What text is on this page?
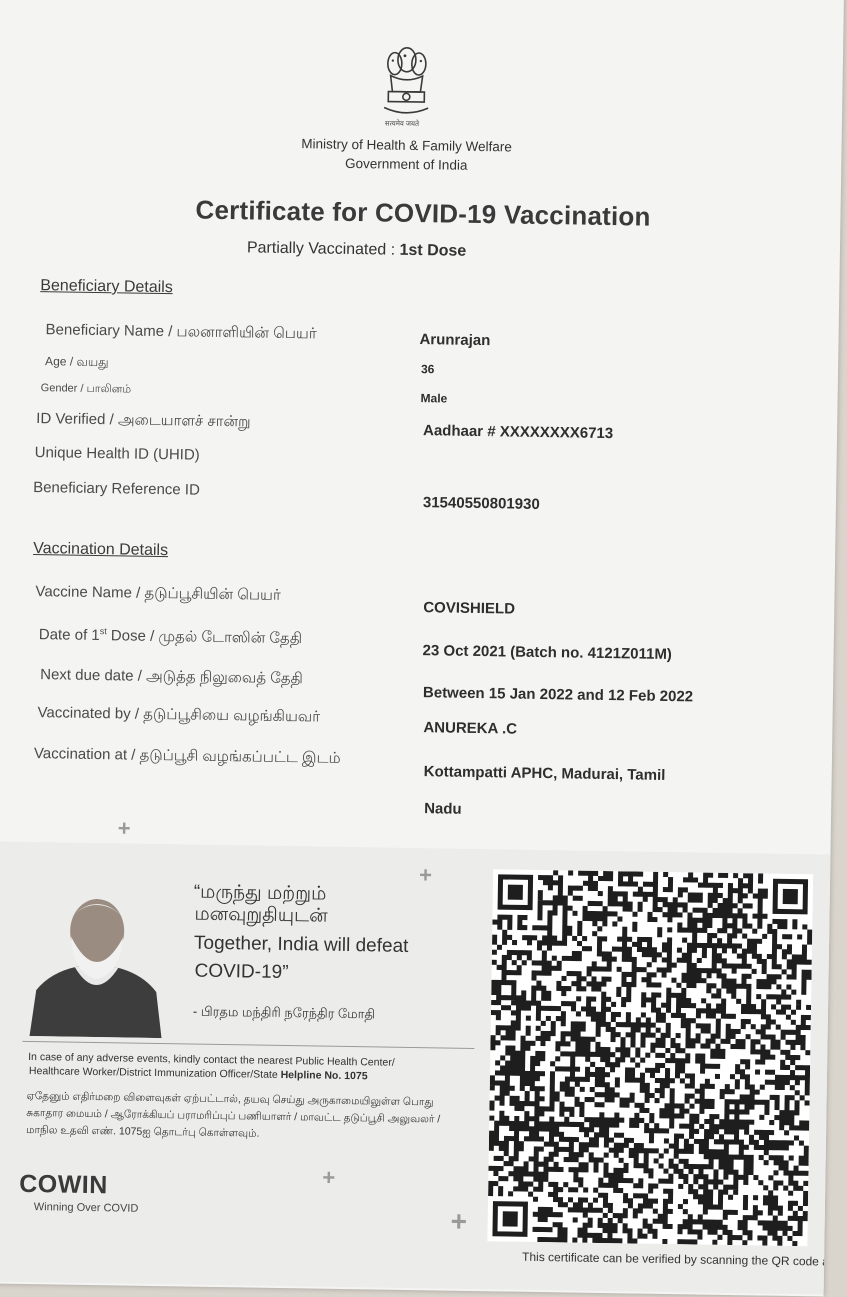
सत्यमेव जयते
Ministry of Health & Family Welfare
Government of India
Certificate for COVID-19 Vaccination
Partially Vaccinated : 1st Dose
Beneficiary Details
Beneficiary Name / பலனாளியின் பெயர்	Arunrajan
Age / வயது
36
Gender / பாலினம்
Male
ID Verified / அடையாளச் சான்று
Aadhaar # XXXXXXXX6713
Unique Health ID (UHID)
Beneficiary Reference ID
31540550801930
Vaccination Details
Vaccine Name / தடுப்பூசியின் பெயர்
COVISHIELD
Date of 1st Dose / முதல் டோஸின் தேதி
23 Oct 2021 (Batch no. 4121Z011M)
Next due date / அடுத்த நிலுவைத் தேதி
Between 15 Jan 2022 and 12 Feb 2022
Vaccinated by / தடுப்பூசியை வழங்கியவர்
ANUREKA .C
Vaccination at / தடுப்பூசி வழங்கப்பட்ட இடம்
Kottampatti APHC, Madurai, Tamil
Nadu
+
+
“மருந்து மற்றும்
மனவுறுதியுடன்
Together, India will defeat
COVID-19”
- பிரதம மந்திரி நரேந்திர மோதி
In case of any adverse events, kindly contact the nearest Public Health Center/
Healthcare Worker/District Immunization Officer/State Helpline No. 1075
ஏதேனும் எதிர்மறை விளைவுகள் ஏற்பட்டால், தயவு செய்து அருகாமையிலுள்ள பொது
சுகாதார மையம் / ஆரோக்கியப் பராமரிப்புப் பணியாளர் / மாவட்ட தடுப்பூசி அலுவலர் /
மாநில உதவி எண். 1075ஐ தொடர்பு கொள்ளவும்.
COWIN
Winning Over COVID
+
+
This certificate can be verified by scanning the QR code at
